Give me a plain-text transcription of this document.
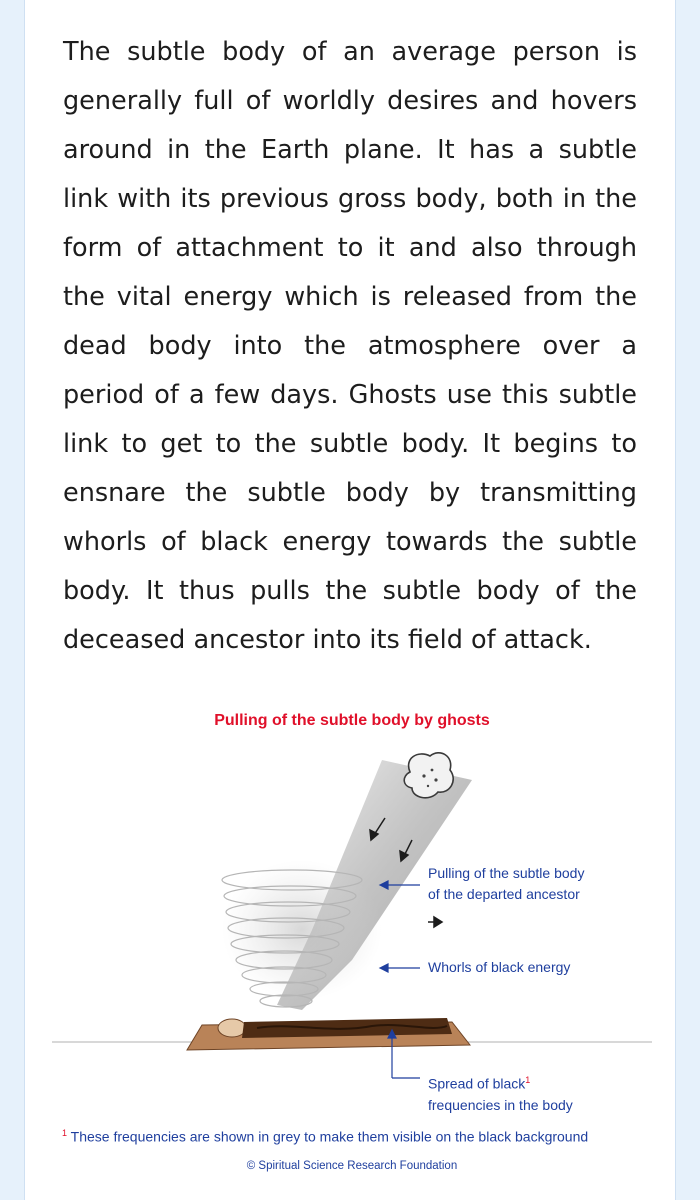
The subtle body of an average person is generally full of worldly desires and hovers around in the Earth plane. It has a subtle link with its previous gross body, both in the form of attachment to it and also through the vital energy which is released from the dead body into the atmosphere over a period of a few days. Ghosts use this subtle link to get to the subtle body. It begins to ensnare the subtle body by transmitting whorls of black energy towards the subtle body. It thus pulls the subtle body of the deceased ancestor into its field of attack.
Pulling of the subtle body by ghosts
Pulling of the subtle body
of the departed ancestor
Whorls of black energy
Spread of black$^1$
frequencies in the body
$^1$ These frequencies are shown in grey to make them visible on the black background
© Spiritual Science Research Foundation
